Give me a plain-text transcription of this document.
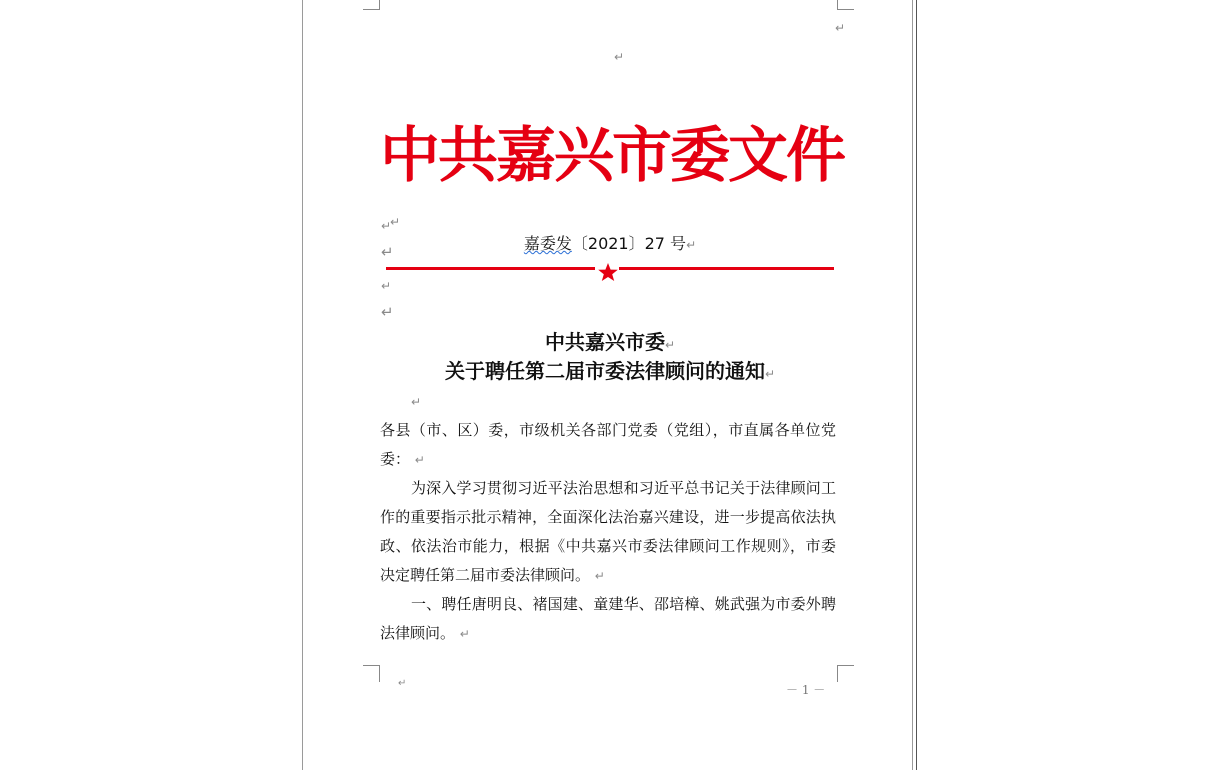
↵
↵
中共嘉兴市委文件
↵
↵
↵	嘉委发〔2021〕27 号↵
↵
↵
中共嘉兴市委↵
关于聘任第二届市委法律顾问的通知↵
↵

各县（市、区）委，市级机关各部门党委（党组），市直属各单位党委： ↵

为深入学习贯彻习近平法治思想和习近平总书记关于法律顾问工作的重要指示批示精神，全面深化法治嘉兴建设，进一步提高依法执政、依法治市能力，根据《中共嘉兴市委法律顾问工作规则》，市委决定聘任第二届市委法律顾问。 ↵

一、聘任唐明良、褚国建、童建华、邵培樟、姚武强为市委外聘法律顾问。 ↵

↵	－ 1 －
